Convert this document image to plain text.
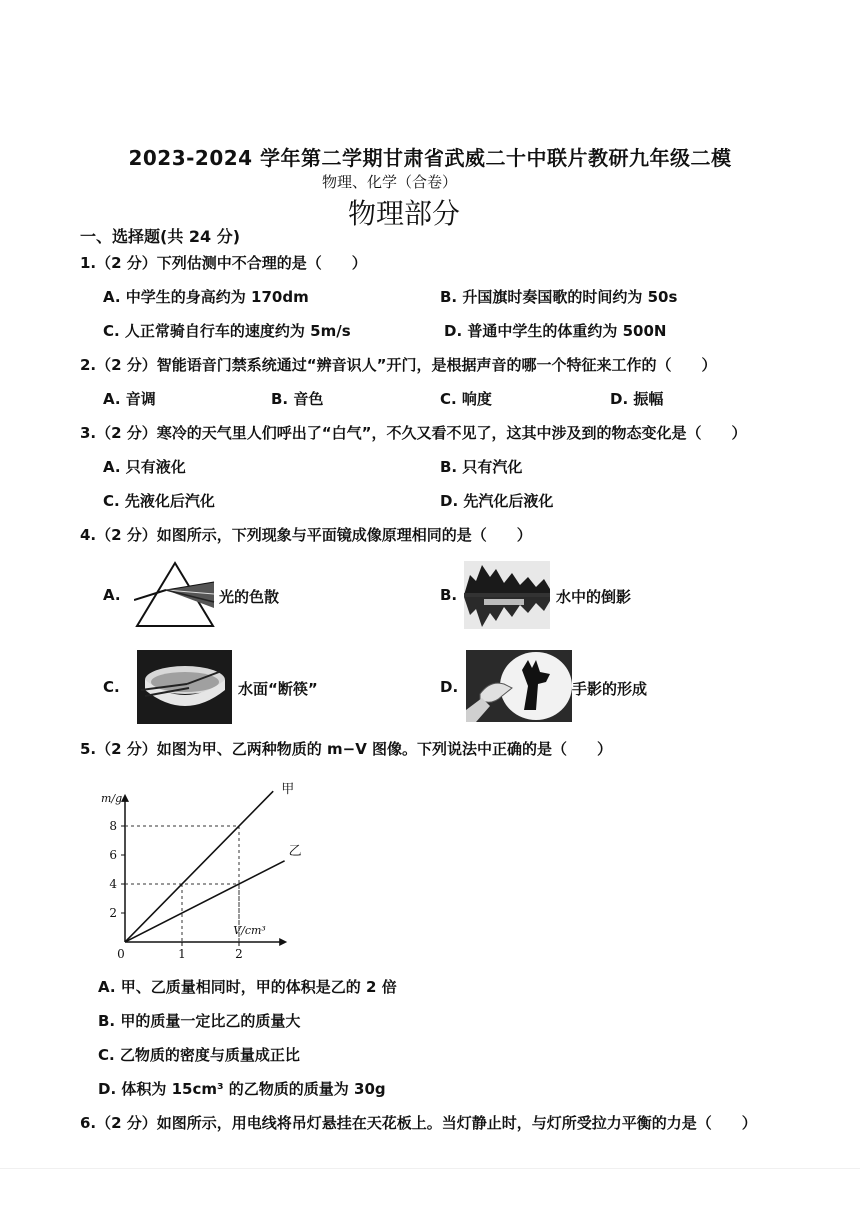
2023-2024 学年第二学期甘肃省武威二十中联片教研九年级二模
物理、化学（合卷）
物理部分
一、选择题(共 24 分)
1.（2 分）下列估测中不合理的是（　　）
A. 中学生的身高约为 170dm	B. 升国旗时奏国歌的时间约为 50s
C. 人正常骑自行车的速度约为 5m/s	D. 普通中学生的体重约为 500N
2.（2 分）智能语音门禁系统通过“辨音识人”开门，是根据声音的哪一个特征来工作的（　　）
A. 音调	B. 音色	C. 响度	D. 振幅
3.（2 分）寒冷的天气里人们呼出了“白气”，不久又看不见了，这其中涉及到的物态变化是（　　）
A. 只有液化	B. 只有汽化
C. 先液化后汽化	D. 先汽化后液化
4.（2 分）如图所示，下列现象与平面镜成像原理相同的是（　　）
A.	光的色散	B.	水中的倒影
C.	水面“断筷”	D.	手影的形成
5.（2 分）如图为甲、乙两种物质的 m−V 图像。下列说法中正确的是（　　）
2
4
6
8
0	1	2
甲
乙
m/g
V/cm³
A. 甲、乙质量相同时，甲的体积是乙的 2 倍
B. 甲的质量一定比乙的质量大
C. 乙物质的密度与质量成正比
D. 体积为 15cm³ 的乙物质的质量为 30g
6.（2 分）如图所示，用电线将吊灯悬挂在天花板上。当灯静止时，与灯所受拉力平衡的力是（　　）
